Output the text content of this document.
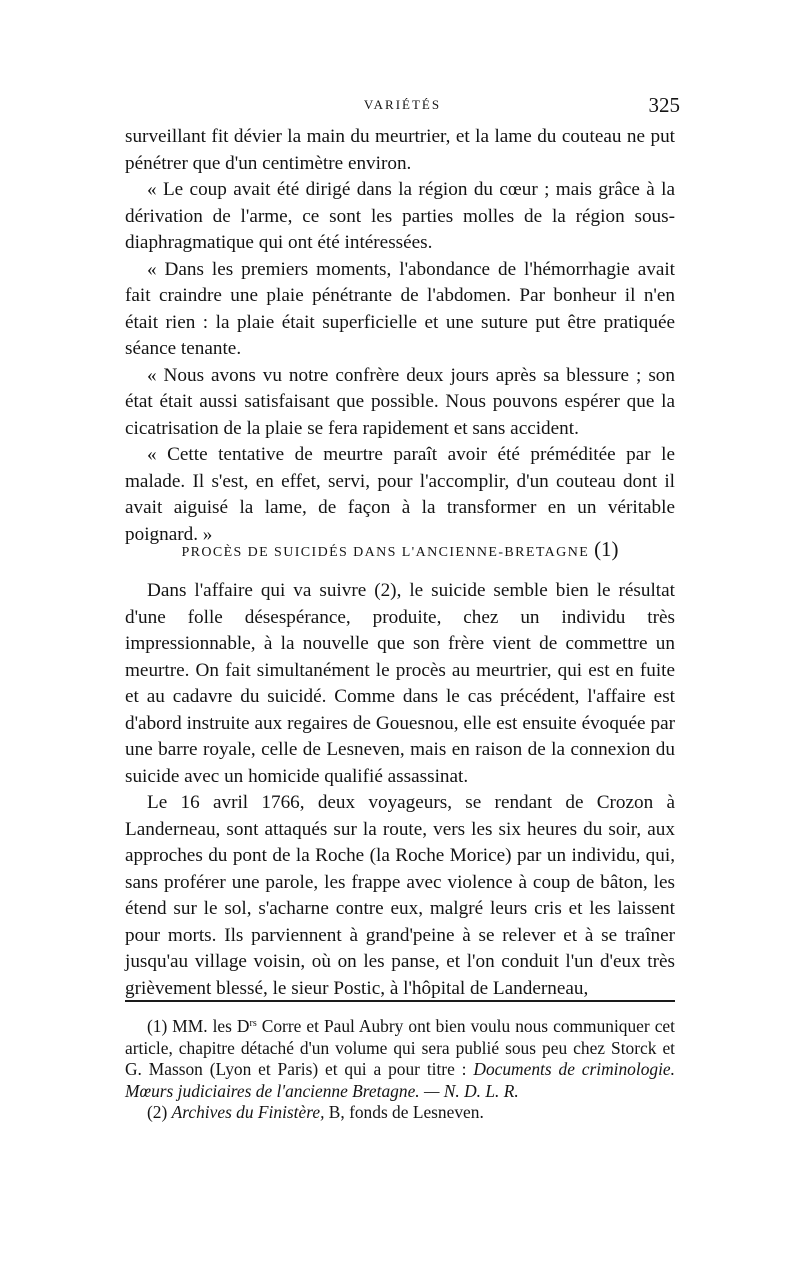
VARIÉTÉS	325

surveillant fit dévier la main du meurtrier, et la lame du couteau ne put pénétrer que d'un centimètre environ.

« Le coup avait été dirigé dans la région du cœur ; mais grâce à la dérivation de l'arme, ce sont les parties molles de la région sous-diaphragmatique qui ont été intéressées.

« Dans les premiers moments, l'abondance de l'hémorrhagie avait fait craindre une plaie pénétrante de l'abdomen. Par bonheur il n'en était rien : la plaie était superficielle et une suture put être pratiquée séance tenante.

« Nous avons vu notre confrère deux jours après sa blessure ; son état était aussi satisfaisant que possible. Nous pouvons espérer que la cicatrisation de la plaie se fera rapidement et sans accident.

« Cette tentative de meurtre paraît avoir été préméditée par le malade. Il s'est, en effet, servi, pour l'accomplir, d'un couteau dont il avait aiguisé la lame, de façon à la transformer en un véritable poignard. »

PROCÈS DE SUICIDÉS DANS L'ANCIENNE-BRETAGNE (1)

Dans l'affaire qui va suivre (2), le suicide semble bien le résultat d'une folle désespérance, produite, chez un individu très impressionnable, à la nouvelle que son frère vient de commettre un meurtre. On fait simultanément le procès au meurtrier, qui est en fuite et au cadavre du suicidé. Comme dans le cas précédent, l'affaire est d'abord instruite aux regaires de Gouesnou, elle est ensuite évoquée par une barre royale, celle de Lesneven, mais en raison de la connexion du suicide avec un homicide qualifié assassinat.

Le 16 avril 1766, deux voyageurs, se rendant de Crozon à Landerneau, sont attaqués sur la route, vers les six heures du soir, aux approches du pont de la Roche (la Roche Morice) par un individu, qui, sans proférer une parole, les frappe avec violence à coup de bâton, les étend sur le sol, s'acharne contre eux, malgré leurs cris et les laissent pour morts. Ils parviennent à grand'peine à se relever et à se traîner jusqu'au village voisin, où on les panse, et l'on conduit l'un d'eux très grièvement blessé, le sieur Postic, à l'hôpital de Landerneau,

(1) MM. les $D^{rs}$ Corre et Paul Aubry ont bien voulu nous communiquer cet article, chapitre détaché d'un volume qui sera publié sous peu chez Storck et G. Masson (Lyon et Paris) et qui a pour titre : Documents de criminologie. Mœurs judiciaires de l'ancienne Bretagne. — N. D. L. R.

(2) Archives du Finistère, B, fonds de Lesneven.
